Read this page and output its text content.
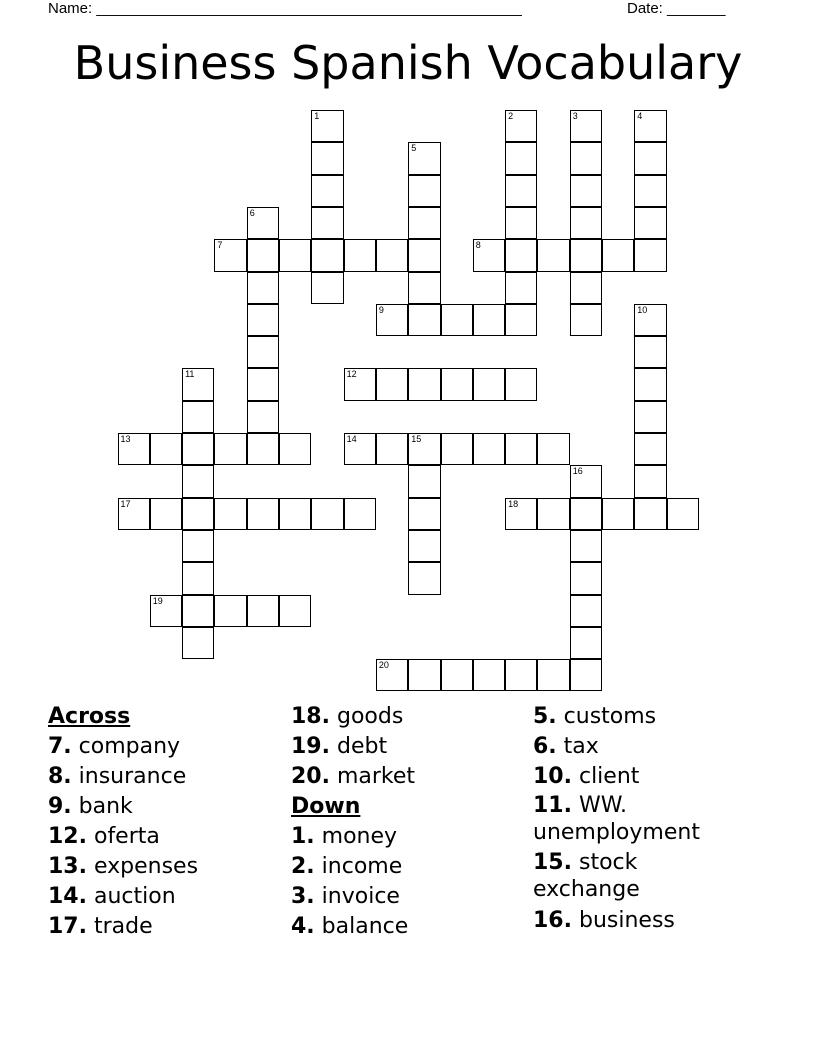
Name: ___________________________________________________	Date: _______
Business Spanish Vocabulary
1	2	3	4
5
6
7	8
9	10
11	12
13	14	15
16
17	18
19
20
Across
7. company
8. insurance
9. bank
12. oferta
13. expenses
14. auction
17. trade
18. goods
19. debt
20. market
Down
1. money
2. income
3. invoice
4. balance
5. customs
6. tax
10. client
11. WW. unemployment
15. stock exchange
16. business
